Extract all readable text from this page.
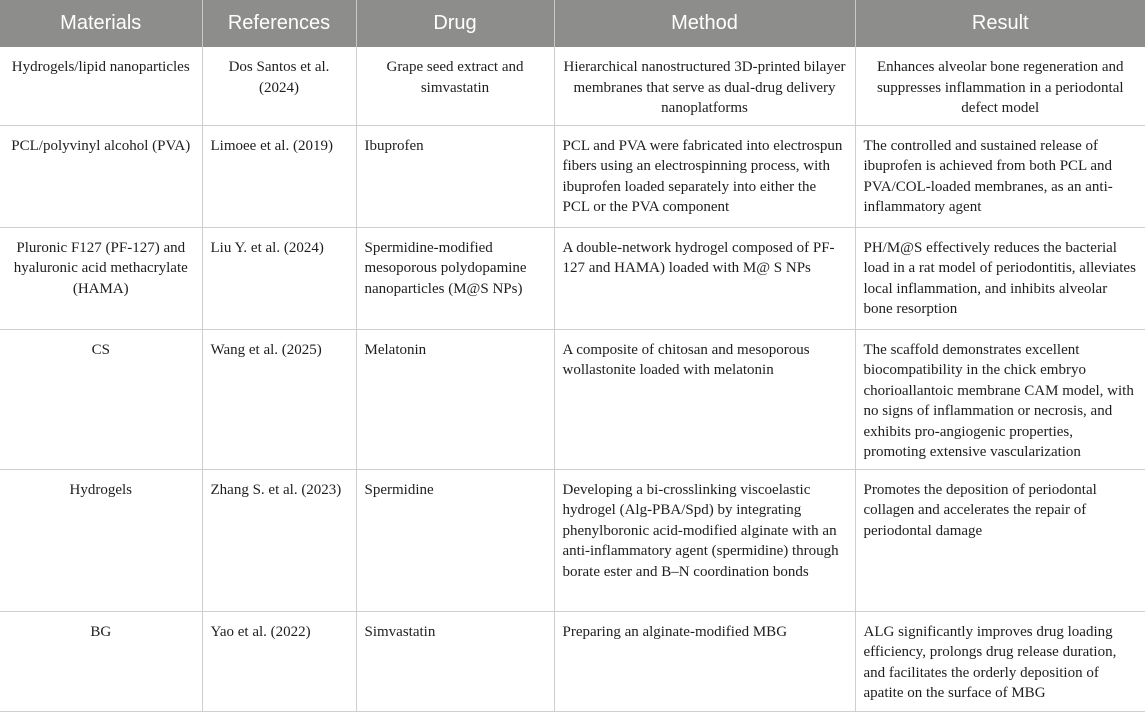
Materials	References	Drug	Method	Result
Hydrogels/lipid nanoparticles	Dos Santos et al. (2024)	Grape seed extract and simvastatin	Hierarchical nanostructured 3D-printed bilayer membranes that serve as dual-drug delivery nanoplatforms	Enhances alveolar bone regeneration and suppresses inflammation in a periodontal defect model
PCL/polyvinyl alcohol (PVA)	Limoee et al. (2019)	Ibuprofen	PCL and PVA were fabricated into electrospun fibers using an electrospinning process, with ibuprofen loaded separately into either the PCL or the PVA component	The controlled and sustained release of ibuprofen is achieved from both PCL and PVA/COL-loaded membranes, as an anti-inflammatory agent
Pluronic F127 (PF-127) and hyaluronic acid methacrylate (HAMA)	Liu Y. et al. (2024)	Spermidine-modified mesoporous polydopamine nanoparticles (M@S NPs)	A double-network hydrogel composed of PF-127 and HAMA) loaded with M@ S NPs	PH/M@S effectively reduces the bacterial load in a rat model of periodontitis, alleviates local inflammation, and inhibits alveolar bone resorption
CS	Wang et al. (2025)	Melatonin	A composite of chitosan and mesoporous wollastonite loaded with melatonin	The scaffold demonstrates excellent biocompatibility in the chick embryo chorioallantoic membrane CAM model, with no signs of inflammation or necrosis, and exhibits pro-angiogenic properties, promoting extensive vascularization
Hydrogels	Zhang S. et al. (2023)	Spermidine	Developing a bi-crosslinking viscoelastic hydrogel (Alg-PBA/Spd) by integrating phenylboronic acid-modified alginate with an anti-inflammatory agent (spermidine) through borate ester and B–N coordination bonds	Promotes the deposition of periodontal collagen and accelerates the repair of periodontal damage
BG	Yao et al. (2022)	Simvastatin	Preparing an alginate-modified MBG	ALG significantly improves drug loading efficiency, prolongs drug release duration, and facilitates the orderly deposition of apatite on the surface of MBG
